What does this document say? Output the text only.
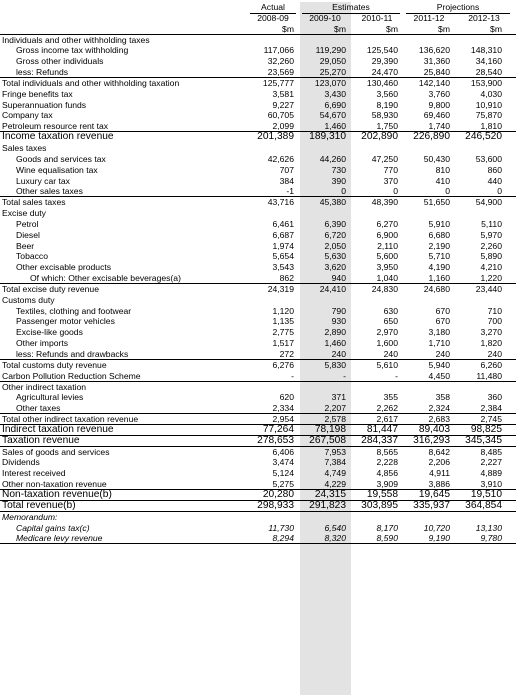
Actual	Estimates	Projections
2008-09	2009-10	2010-11	2011-12	2012-13
$m	$m	$m	$m	$m
Individuals and other withholding taxes
Gross income tax withholding	117,066	119,290	125,540	136,620	148,310
Gross other individuals	32,260	29,050	29,390	31,360	34,160
less: Refunds	23,569	25,270	24,470	25,840	28,540
Total individuals and other withholding taxation	125,777	123,070	130,460	142,140	153,900
Fringe benefits tax	3,581	3,430	3,560	3,760	4,030
Superannuation funds	9,227	6,690	8,190	9,800	10,910
Company tax	60,705	54,670	58,930	69,460	75,870
Petroleum resource rent tax	2,099	1,460	1,750	1,740	1,810
Income taxation revenue	201,389	189,310	202,890	226,890	246,520
Sales taxes
Goods and services tax	42,626	44,260	47,250	50,430	53,600
Wine equalisation tax	707	730	770	810	860
Luxury car tax	384	390	370	410	440
Other sales taxes	-1	0	0	0	0
Total sales taxes	43,716	45,380	48,390	51,650	54,900
Excise duty
Petrol	6,461	6,390	6,270	5,910	5,110
Diesel	6,687	6,720	6,900	6,680	5,970
Beer	1,974	2,050	2,110	2,190	2,260
Tobacco	5,654	5,630	5,600	5,710	5,890
Other excisable products	3,543	3,620	3,950	4,190	4,210
Of which: Other excisable beverages(a)	862	940	1,040	1,160	1,220
Total excise duty revenue	24,319	24,410	24,830	24,680	23,440
Customs duty
Textiles, clothing and footwear	1,120	790	630	670	710
Passenger motor vehicles	1,135	930	650	670	700
Excise-like goods	2,775	2,890	2,970	3,180	3,270
Other imports	1,517	1,460	1,600	1,710	1,820
less: Refunds and drawbacks	272	240	240	240	240
Total customs duty revenue	6,276	5,830	5,610	5,940	6,260
Carbon Pollution Reduction Scheme	-	-	-	4,450	11,480
Other indirect taxation
Agricultural levies	620	371	355	358	360
Other taxes	2,334	2,207	2,262	2,324	2,384
Total other indirect taxation revenue	2,954	2,578	2,617	2,683	2,745
Indirect taxation revenue	77,264	78,198	81,447	89,403	98,825
Taxation revenue	278,653	267,508	284,337	316,293	345,345
Sales of goods and services	6,406	7,953	8,565	8,642	8,485
Dividends	3,474	7,384	2,228	2,206	2,227
Interest received	5,124	4,749	4,856	4,911	4,889
Other non-taxation revenue	5,275	4,229	3,909	3,886	3,910
Non-taxation revenue(b)	20,280	24,315	19,558	19,645	19,510
Total revenue(b)	298,933	291,823	303,895	335,937	364,854
Memorandum:
Capital gains tax(c)	11,730	6,540	8,170	10,720	13,130
Medicare levy revenue	8,294	8,320	8,590	9,190	9,780
